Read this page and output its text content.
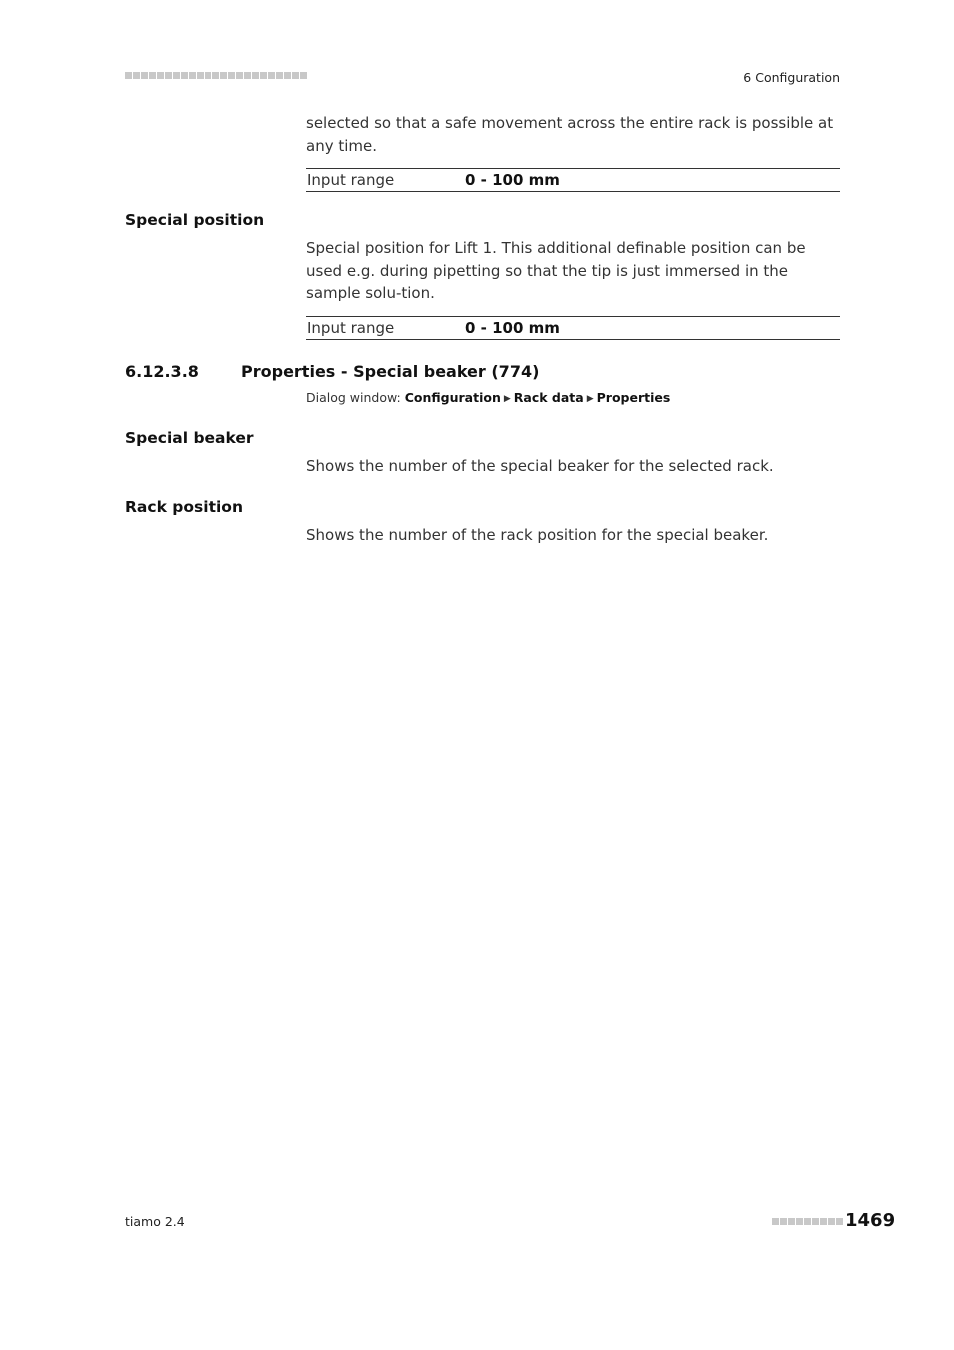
6 Configuration
selected so that a safe movement across the entire rack is possible at any time.
Input range	0 - 100 mm
Special position
Special position for Lift 1. This additional definable position can be used e.g. during pipetting so that the tip is just immersed in the sample solu-tion.
Input range	0 - 100 mm
6.12.3.8	Properties - Special beaker (774)
Dialog window: Configuration ▶ Rack data ▶ Properties
Special beaker
Shows the number of the special beaker for the selected rack.
Rack position
Shows the number of the rack position for the special beaker.
tiamo 2.4	1469
